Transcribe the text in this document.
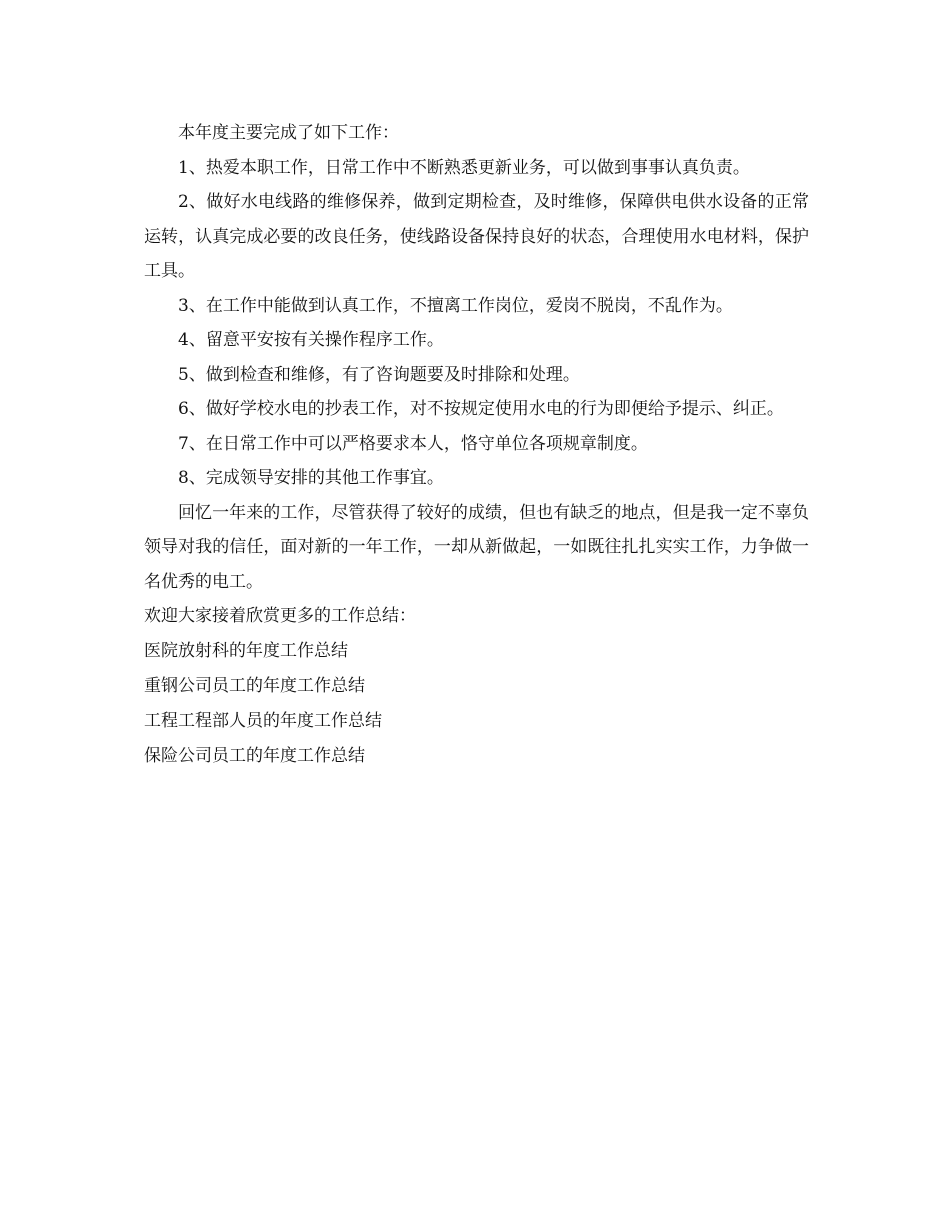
本年度主要完成了如下工作：

1、热爱本职工作，日常工作中不断熟悉更新业务，可以做到事事认真负责。

2、做好水电线路的维修保养，做到定期检查，及时维修，保障供电供水设备的正常运转，认真完成必要的改良任务，使线路设备保持良好的状态，合理使用水电材料，保护工具。

3、在工作中能做到认真工作，不擅离工作岗位，爱岗不脱岗，不乱作为。

4、留意平安按有关操作程序工作。

5、做到检查和维修，有了咨询题要及时排除和处理。

6、做好学校水电的抄表工作，对不按规定使用水电的行为即便给予提示、纠正。

7、在日常工作中可以严格要求本人，恪守单位各项规章制度。

8、完成领导安排的其他工作事宜。

回忆一年来的工作，尽管获得了较好的成绩，但也有缺乏的地点，但是我一定不辜负领导对我的信任，面对新的一年工作，一却从新做起，一如既往扎扎实实工作，力争做一名优秀的电工。

欢迎大家接着欣赏更多的工作总结：

医院放射科的年度工作总结

重钢公司员工的年度工作总结

工程工程部人员的年度工作总结

保险公司员工的年度工作总结
